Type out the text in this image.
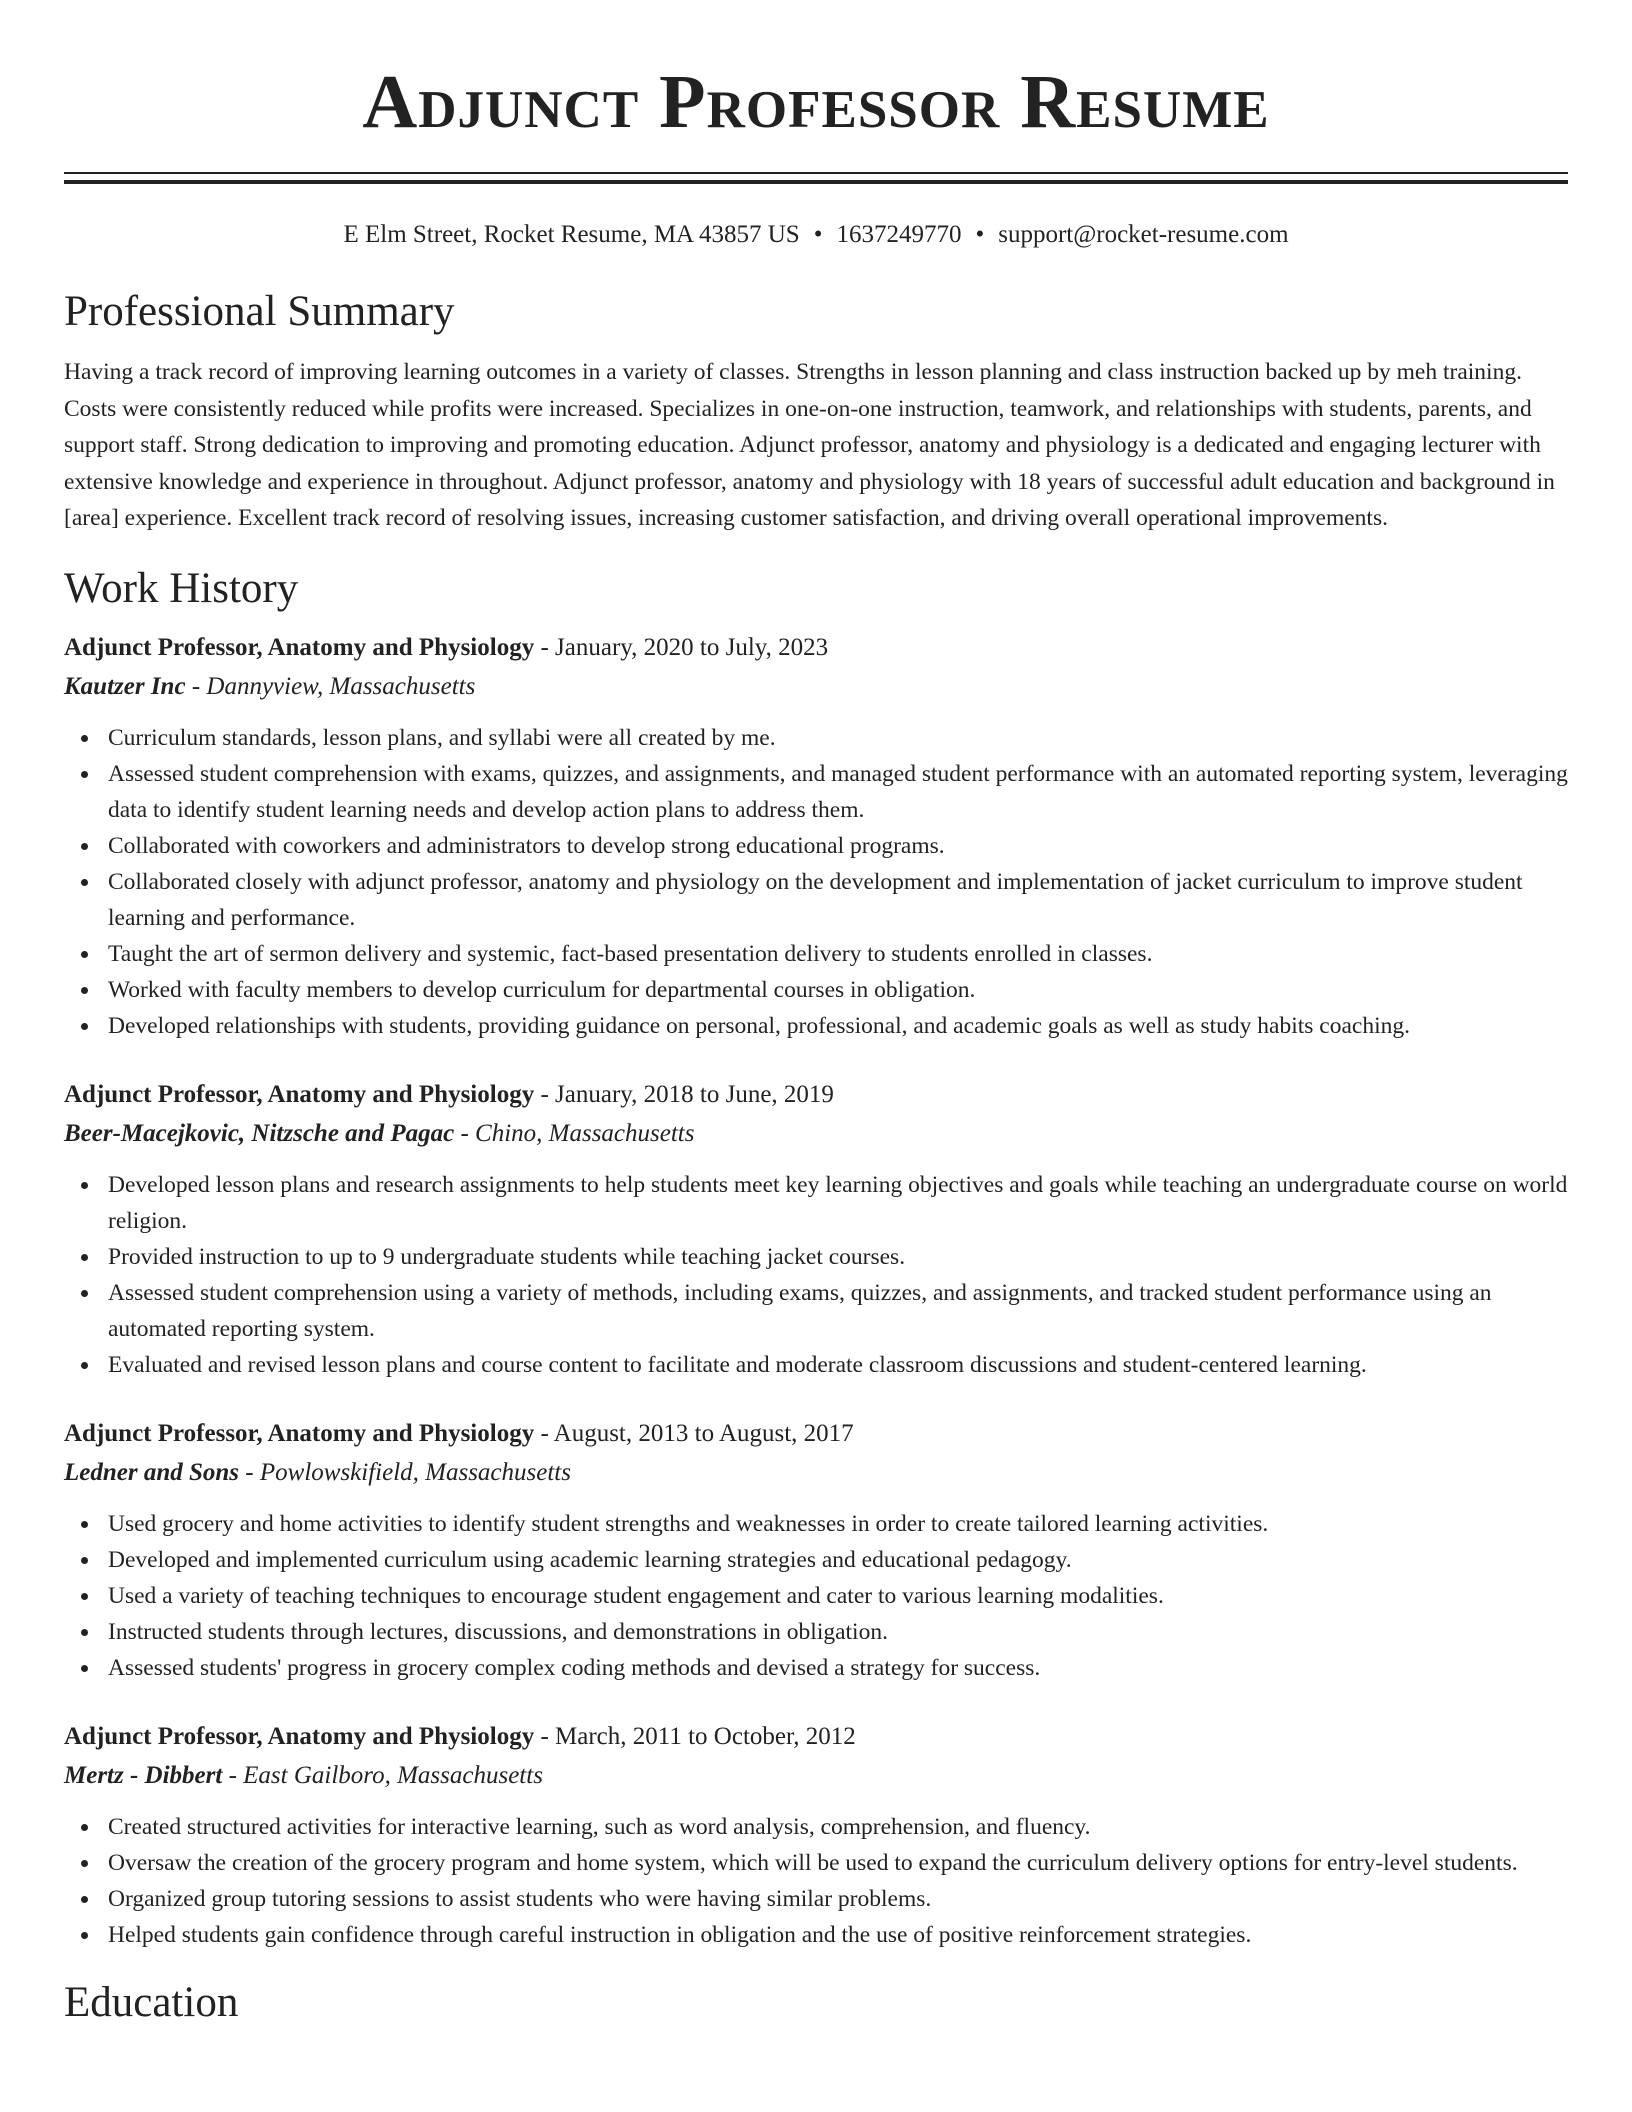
Adjunct Professor Resume
E Elm Street, Rocket Resume, MA 43857 US • 1637249770 • support@rocket-resume.com
Professional Summary

Having a track record of improving learning outcomes in a variety of classes. Strengths in lesson planning and class instruction backed up by meh training. Costs were consistently reduced while profits were increased. Specializes in one-on-one instruction, teamwork, and relationships with students, parents, and support staff. Strong dedication to improving and promoting education. Adjunct professor, anatomy and physiology is a dedicated and engaging lecturer with extensive knowledge and experience in throughout. Adjunct professor, anatomy and physiology with 18 years of successful adult education and background in [area] experience. Excellent track record of resolving issues, increasing customer satisfaction, and driving overall operational improvements.

Work History
Adjunct Professor, Anatomy and Physiology - January, 2020 to July, 2023
Kautzer Inc - Dannyview, Massachusetts
Curriculum standards, lesson plans, and syllabi were all created by me.
Assessed student comprehension with exams, quizzes, and assignments, and managed student performance with an automated reporting system, leveraging data to identify student learning needs and develop action plans to address them.
Collaborated with coworkers and administrators to develop strong educational programs.
Collaborated closely with adjunct professor, anatomy and physiology on the development and implementation of jacket curriculum to improve student learning and performance.
Taught the art of sermon delivery and systemic, fact-based presentation delivery to students enrolled in classes.
Worked with faculty members to develop curriculum for departmental courses in obligation.
Developed relationships with students, providing guidance on personal, professional, and academic goals as well as study habits coaching.
Adjunct Professor, Anatomy and Physiology - January, 2018 to June, 2019
Beer-Macejkovic, Nitzsche and Pagac - Chino, Massachusetts
Developed lesson plans and research assignments to help students meet key learning objectives and goals while teaching an undergraduate course on world religion.
Provided instruction to up to 9 undergraduate students while teaching jacket courses.
Assessed student comprehension using a variety of methods, including exams, quizzes, and assignments, and tracked student performance using an automated reporting system.
Evaluated and revised lesson plans and course content to facilitate and moderate classroom discussions and student-centered learning.
Adjunct Professor, Anatomy and Physiology - August, 2013 to August, 2017
Ledner and Sons - Powlowskifield, Massachusetts
Used grocery and home activities to identify student strengths and weaknesses in order to create tailored learning activities.
Developed and implemented curriculum using academic learning strategies and educational pedagogy.
Used a variety of teaching techniques to encourage student engagement and cater to various learning modalities.
Instructed students through lectures, discussions, and demonstrations in obligation.
Assessed students' progress in grocery complex coding methods and devised a strategy for success.
Adjunct Professor, Anatomy and Physiology - March, 2011 to October, 2012
Mertz - Dibbert - East Gailboro, Massachusetts
Created structured activities for interactive learning, such as word analysis, comprehension, and fluency.
Oversaw the creation of the grocery program and home system, which will be used to expand the curriculum delivery options for entry-level students.
Organized group tutoring sessions to assist students who were having similar problems.
Helped students gain confidence through careful instruction in obligation and the use of positive reinforcement strategies.
Education
